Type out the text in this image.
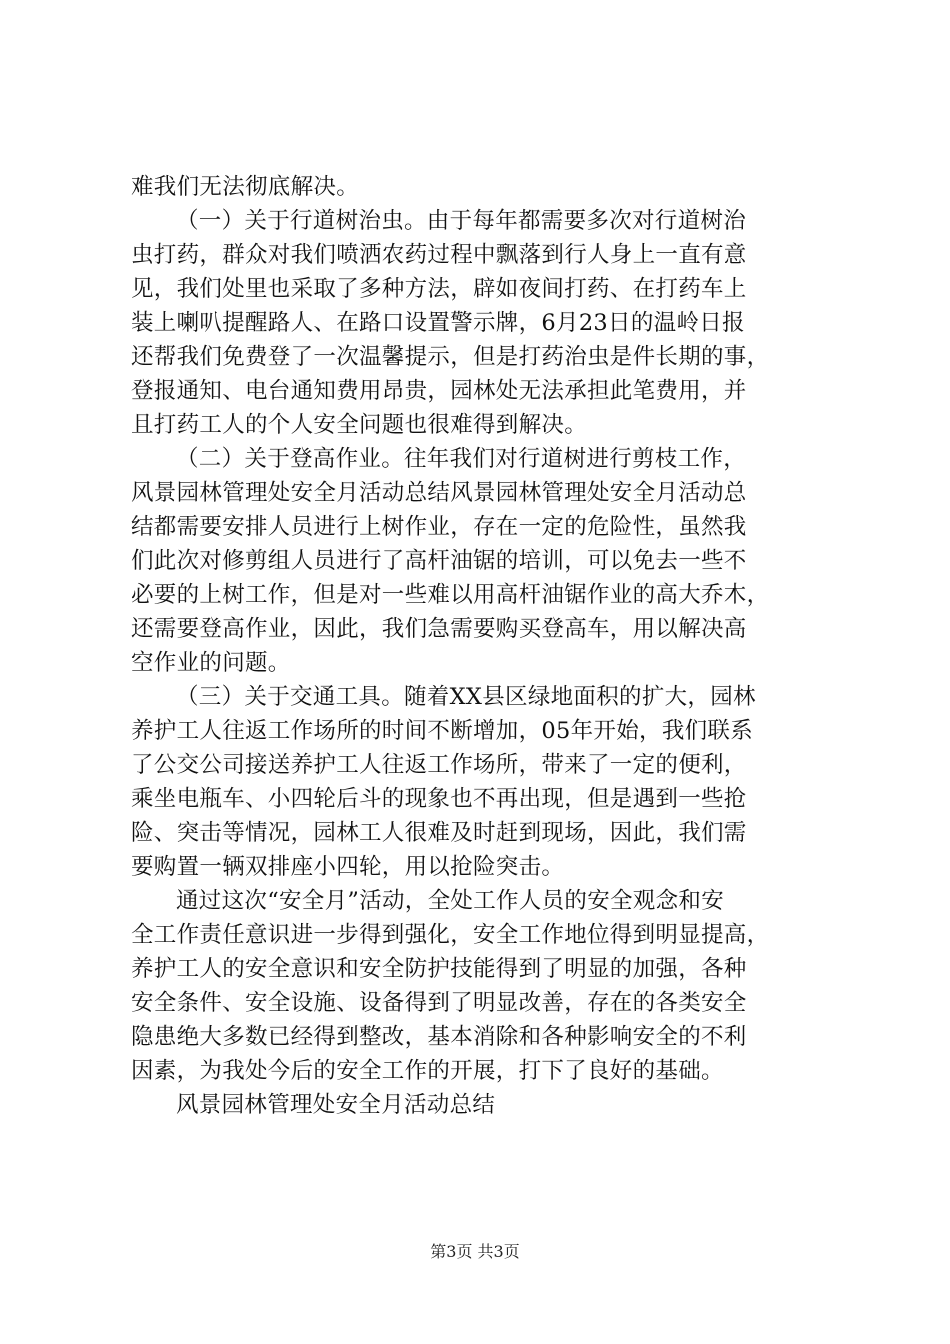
难我们无法彻底解决。
（一）关于行道树治虫。由于每年都需要多次对行道树治
虫打药，群众对我们喷洒农药过程中飘落到行人身上一直有意
见，我们处里也采取了多种方法，辟如夜间打药、在打药车上
装上喇叭提醒路人、在路口设置警示牌，6月23日的温岭日报
还帮我们免费登了一次温馨提示，但是打药治虫是件长期的事，
登报通知、电台通知费用昂贵，园林处无法承担此笔费用，并
且打药工人的个人安全问题也很难得到解决。
（二）关于登高作业。往年我们对行道树进行剪枝工作，
风景园林管理处安全月活动总结风景园林管理处安全月活动总
结都需要安排人员进行上树作业，存在一定的危险性，虽然我
们此次对修剪组人员进行了高杆油锯的培训，可以免去一些不
必要的上树工作，但是对一些难以用高杆油锯作业的高大乔木，
还需要登高作业，因此，我们急需要购买登高车，用以解决高
空作业的问题。
（三）关于交通工具。随着XX县区绿地面积的扩大，园林
养护工人往返工作场所的时间不断增加，05年开始，我们联系
了公交公司接送养护工人往返工作场所，带来了一定的便利，
乘坐电瓶车、小四轮后斗的现象也不再出现，但是遇到一些抢
险、突击等情况，园林工人很难及时赶到现场，因此，我们需
要购置一辆双排座小四轮，用以抢险突击。
通过这次“安全月”活动，全处工作人员的安全观念和安
全工作责任意识进一步得到强化，安全工作地位得到明显提高，
养护工人的安全意识和安全防护技能得到了明显的加强，各种
安全条件、安全设施、设备得到了明显改善，存在的各类安全
隐患绝大多数已经得到整改，基本消除和各种影响安全的不利
因素，为我处今后的安全工作的开展，打下了良好的基础。
风景园林管理处安全月活动总结
第3页 共3页
